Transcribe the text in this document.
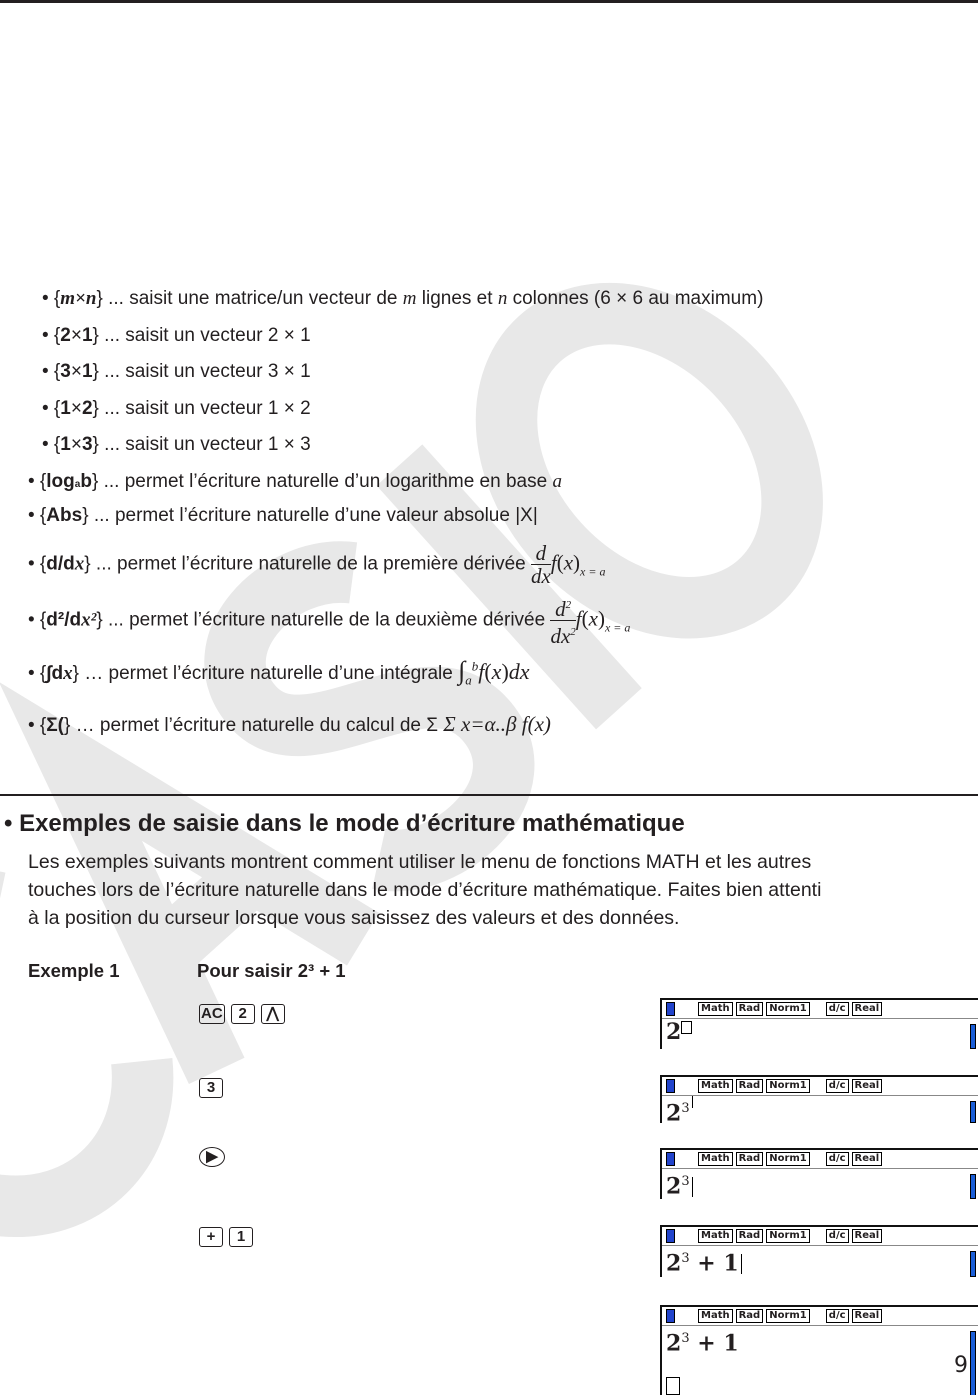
• {m×n} ... saisit une matrice/un vecteur de m lignes et n colonnes (6 × 6 au maximum)
• {2×1} ... saisit un vecteur 2 × 1
• {3×1} ... saisit un vecteur 3 × 1
• {1×2} ... saisit un vecteur 1 × 2
• {1×3} ... saisit un vecteur 1 × 3
• {logab} ... permet l’écriture naturelle d’un logarithme en base a
• {Abs} ... permet l’écriture naturelle d’une valeur absolue |X|
• {d/dx} ... permet l’écriture naturelle de la première dérivée $\frac{d}{dx}f(x)_{x = a}$
• {d²/dx²} ... permet l’écriture naturelle de la deuxième dérivée $\frac{d^2}{dx^2}f(x)_{x = a}$
• {∫dx} … permet l’écriture naturelle d’une intégrale $\int_a^bf(x)dx$
• {Σ(} … permet l’écriture naturelle du calcul de Σ Σ x=α..β f(x)
• Exemples de saisie dans le mode d’écriture mathématique
Les exemples suivants montrent comment utiliser le menu de fonctions MATH et les autres
touches lors de l’écriture naturelle dans le mode d’écriture mathématique. Faites bien attenti
à la position du curseur lorsque vous saisissez des valeurs et des données.
Exemple 1	Pour saisir 2³ + 1
AC 2 ⋀
3
▶
+ 1
Math Rad Norm1	d/c Real
2
Math Rad Norm1	d/c Real
$2^3$
Math Rad Norm1	d/c Real
$2^3$
Math Rad Norm1	d/c Real
$2^3 + 1$
Math Rad Norm1	d/c Real
$2^3 + 1$
9
